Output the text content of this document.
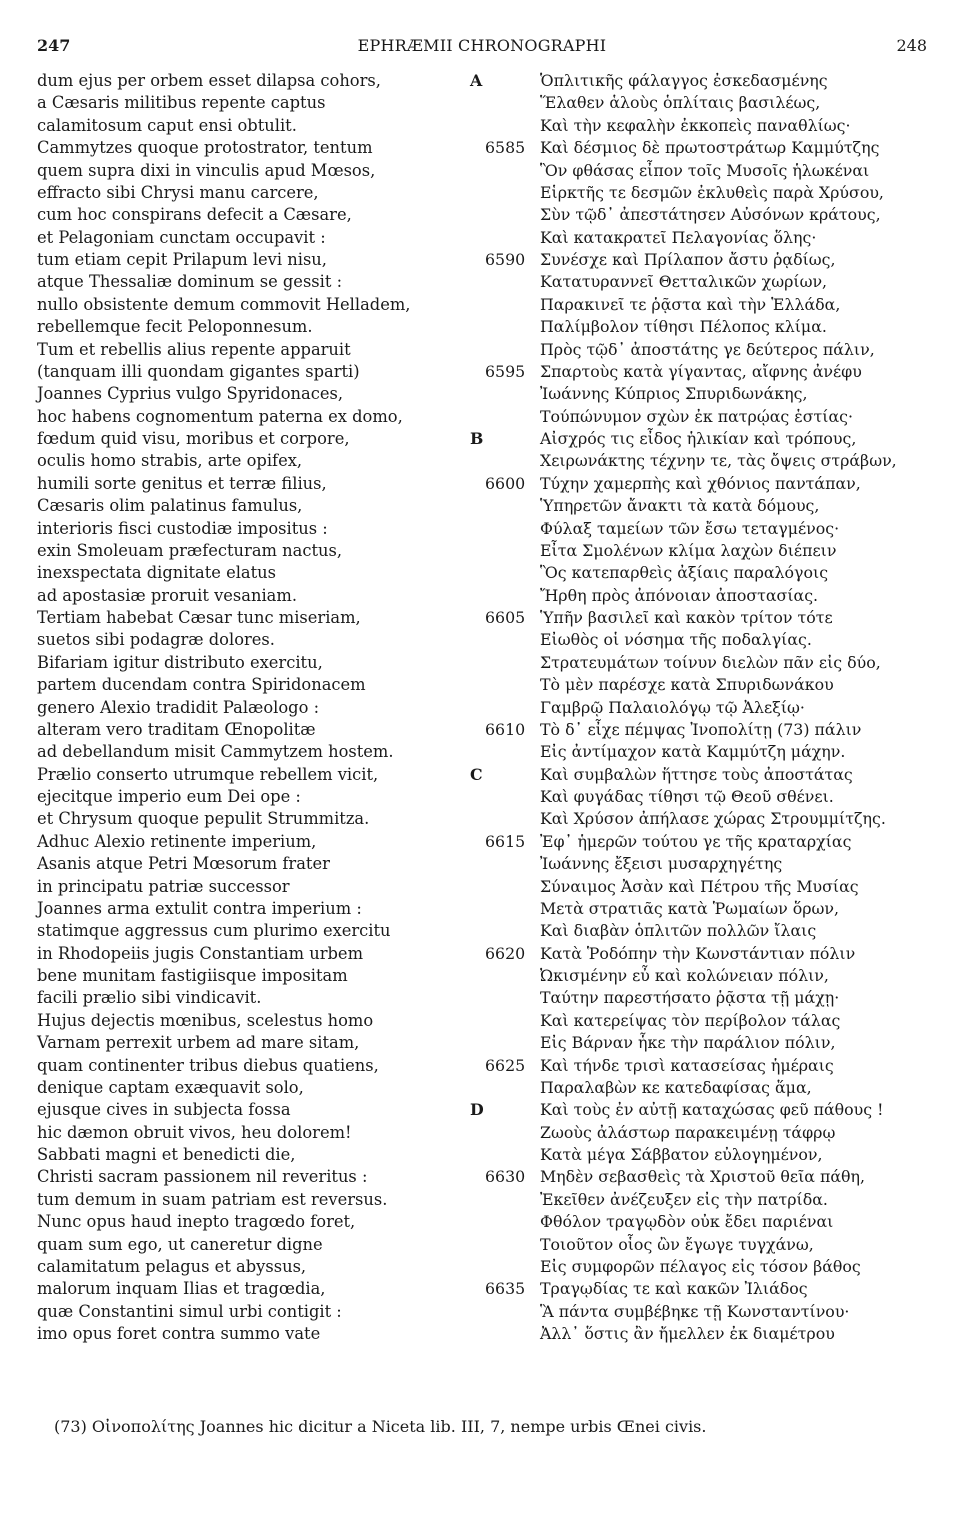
247	EPHRÆMII CHRONOGRAPHI	248
dum ejus per orbem esset dilapsa cohors,
a Cæsaris militibus repente captus
calamitosum caput ensi obtulit.
Cammytzes quoque protostrator, tentum
quem supra dixi in vinculis apud Mœsos,
effracto sibi Chrysi manu carcere,
cum hoc conspirans defecit a Cæsare,
et Pelagoniam cunctam occupavit :
tum etiam cepit Prilapum levi nisu,
atque Thessaliæ dominum se gessit :
nullo obsistente demum commovit Helladem,
rebellemque fecit Peloponnesum.
Tum et rebellis alius repente apparuit
(tanquam illi quondam gigantes sparti)
Joannes Cyprius vulgo Spyridonaces,
hoc habens cognomentum paterna ex domo,
fœdum quid visu, moribus et corpore,
oculis homo strabis, arte opifex,
humili sorte genitus et terræ filius,
Cæsaris olim palatinus famulus,
interioris fisci custodiæ impositus :
exin Smoleuam præfecturam nactus,
inexspectata dignitate elatus
ad apostasiæ proruit vesaniam.
Tertiam habebat Cæsar tunc miseriam,
suetos sibi podagræ dolores.
Bifariam igitur distributo exercitu,
partem ducendam contra Spiridonacem
genero Alexio tradidit Palæologo :
alteram vero traditam Œnopolitæ
ad debellandum misit Cammytzem hostem.
Prælio conserto utrumque rebellem vicit,
ejecitque imperio eum Dei ope :
et Chrysum quoque pepulit Strummitza.
Adhuc Alexio retinente imperium,
Asanis atque Petri Mœsorum frater
in principatu patriæ successor
Joannes arma extulit contra imperium :
statimque aggressus cum plurimo exercitu
in Rhodopeiis jugis Constantiam urbem
bene munitam fastigiisque impositam
facili prælio sibi vindicavit.
Hujus dejectis mœnibus, scelestus homo
Varnam perrexit urbem ad mare sitam,
quam continenter tribus diebus quatiens,
denique captam exæquavit solo,
ejusque cives in subjecta fossa
hic dæmon obruit vivos, heu dolorem!
Sabbati magni et benedicti die,
Christi sacram passionem nil reveritus :
tum demum in suam patriam est reversus.
Nunc opus haud inepto tragœdo foret,
quam sum ego, ut caneretur digne
calamitatum pelagus et abyssus,
malorum inquam Ilias et tragœdia,
quæ Constantini simul urbi contigit :
imo opus foret contra summo vate
A	Ὁπλιτικῆς φάλαγγος ἐσκεδασμένης
Ἕλαθεν ἁλοὺς ὁπλίταις βασιλέως,
Καὶ τὴν κεφαλὴν ἐκκοπεὶς παναθλίως·
6585 Καὶ δέσμιος δὲ πρωτοστράτωρ Καμμύτζης
Ὃν φθάσας εἶπον τοῖς Μυσοῖς ἡλωκέναι
Εἱρκτῆς τε δεσμῶν ἐκλυθεὶς παρὰ Χρύσου,
Σὺν τῷδ᾽ ἀπεστάτησεν Αὐσόνων κράτους,
Καὶ κατακρατεῖ Πελαγονίας ὅλης·
6590 Συνέσχε καὶ Πρίλαπον ἄστυ ῥᾳδίως,
Κατατυραννεῖ Θετταλικῶν χωρίων,
Παρακινεῖ τε ῥᾷστα καὶ τὴν Ἑλλάδα,
Παλίμβολον τίθησι Πέλοπος κλίμα.
Πρὸς τῷδ᾽ ἀποστάτης γε δεύτερος πάλιν,
6595 Σπαρτοὺς κατὰ γίγαντας, αἴφνης ἀνέφυ
Ἰωάννης Κύπριος Σπυριδωνάκης,
Τούπώνυμον σχὼν ἐκ πατρῴας ἑστίας·
B	Αἰσχρός τις εἶδος ἡλικίαν καὶ τρόπους,
Χειρωνάκτης τέχνην τε, τὰς ὄψεις στράβων,
6600 Τύχην χαμερπὴς καὶ χθόνιος παντάπαν,
Ὑπηρετῶν ἄνακτι τὰ κατὰ δόμους,
Φύλαξ ταμείων τῶν ἔσω τεταγμένος·
Εἶτα Σμολένων κλίμα λαχὼν διέπειν
Ὃς κατεπαρθεὶς ἀξίαις παραλόγοις
Ἤρθη πρὸς ἀπόνοιαν ἀποστασίας.
6605 Ὑπῆν βασιλεῖ καὶ κακὸν τρίτον τότε
Εἰωθὸς οἱ νόσημα τῆς ποδαλγίας.
Στρατευμάτων τοίνυν διελὼν πᾶν εἰς δύο,
Τὸ μὲν παρέσχε κατὰ Σπυριδωνάκου
Γαμβρῷ Παλαιολόγῳ τῷ Ἀλεξίῳ·
6610 Τὸ δ᾽ εἶχε πέμψας Ἰνοπολίτῃ (73) πάλιν
Εἰς ἀντίμαχον κατὰ Καμμύτζη μάχην.
C	Καὶ συμβαλὼν ἥττησε τοὺς ἀποστάτας
Καὶ φυγάδας τίθησι τῷ Θεοῦ σθένει.
Καὶ Χρύσον ἀπήλασε χώρας Στρουμμίτζης.
6615 Ἐφ᾽ ἡμερῶν τούτου γε τῆς κραταρχίας
Ἰωάννης ἔξεισι μυσαρχηγέτης
Σύναιμος Ἀσὰν καὶ Πέτρου τῆς Μυσίας
Μετὰ στρατιᾶς κατὰ Ῥωμαίων ὅρων,
Καὶ διαβὰν ὁπλιτῶν πολλῶν ἴλαις
6620 Κατὰ Ῥοδόπην τὴν Κωνστάντιαν πόλιν
Ὠκισμένην εὖ καὶ κολώνειαν πόλιν,
Ταύτην παρεστήσατο ῥᾷστα τῇ μάχῃ·
Καὶ κατερείψας τὸν περίβολον τάλας
Εἰς Βάρναν ἧκε τὴν παράλιον πόλιν,
6625 Καὶ τήνδε τρισὶ κατασείσας ἡμέραις
Παραλαβὼν κε κατεδαφίσας ἅμα,
D	Καὶ τοὺς ἐν αὐτῇ καταχώσας φεῦ πάθους !
Ζωοὺς ἀλάστωρ παρακειμένῃ τάφρῳ
Κατὰ μέγα Σάββατον εὐλογημένον,
6630 Μηδὲν σεβασθεὶς τὰ Χριστοῦ θεῖα πάθη,
Ἐκεῖθεν ἀνέζευξεν εἰς τὴν πατρίδα.
Φθόλον τραγῳδὸν οὐκ ἔδει παριέναι
Τοιοῦτον οἷος ὢν ἔγωγε τυγχάνω,
Εἰς συμφορῶν πέλαγος εἰς τόσον βάθος
6635 Τραγῳδίας τε καὶ κακῶν Ἰλιάδος
Ἃ πάντα συμβέβηκε τῇ Κωνσταντίνου·
Ἀλλ᾽ ὅστις ἂν ἤμελλεν ἐκ διαμέτρου
(73) Οἰνοπολίτης Joannes hic dicitur a Niceta lib. III, 7, nempe urbis Œnei civis.
